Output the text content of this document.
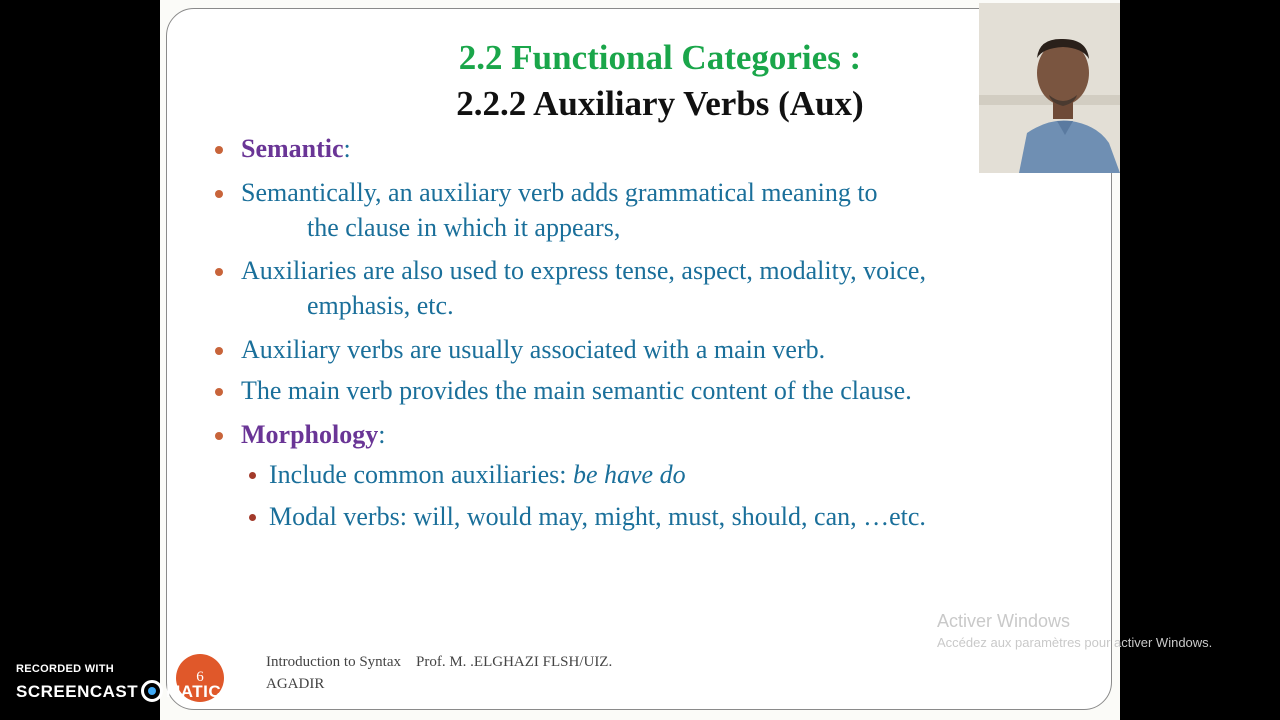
2.2 Functional Categories :
2.2.2 Auxiliary Verbs (Aux)
Semantic:
Semantically, an auxiliary verb adds grammatical meaning to
the clause in which it appears,
Auxiliaries are also used to express tense, aspect, modality, voice,
emphasis, etc.
Auxiliary verbs are usually associated with a main verb.
The main verb provides the main semantic content of the clause.
Morphology:
Include common auxiliaries: be have do
Modal verbs: will, would may, might, must, should, can, …etc.
6
Introduction to Syntax    Prof. M. .ELGHAZI FLSH/UIZ.
AGADIR
Activer Windows
Accédez aux paramètres pour activer Windows.
RECORDED WITH
SCREENCAST MATIC
